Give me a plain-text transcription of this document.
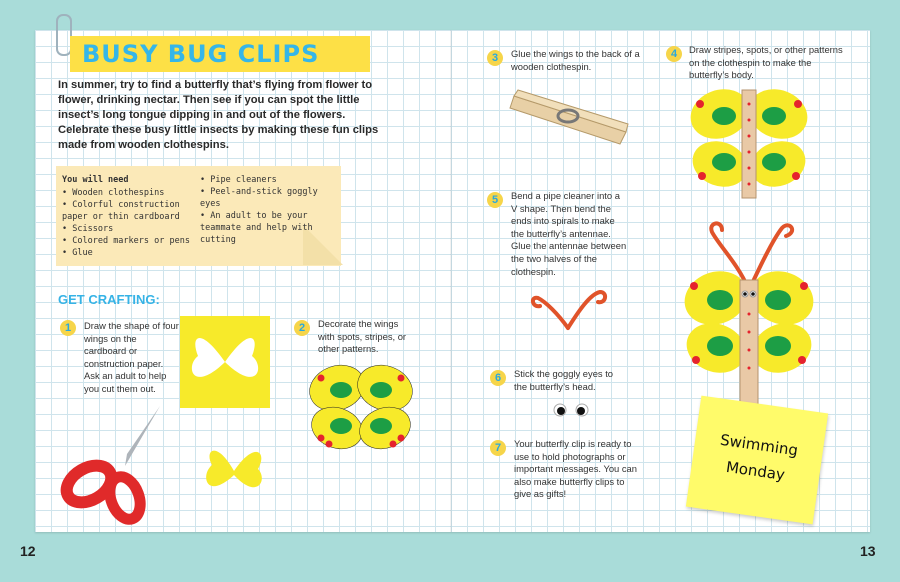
BUSY BUG CLIPS
In summer, try to find a butterfly that’s flying from flower to flower, drinking nectar. Then see if you can spot the little insect’s long tongue dipping in and out of the flowers. Celebrate these busy little insects by making these fun clips made from wooden clothespins.
You will need
• Wooden clothespins
• Colorful construction paper or thin cardboard
• Scissors
• Colored markers or pens
• Glue
• Pipe cleaners
• Peel-and-stick goggly eyes
• An adult to be your teammate and help with cutting
GET CRAFTING:
1	Draw the shape of four wings on the cardboard or construction paper. Ask an adult to help you cut them out.
2	Decorate the wings with spots, stripes, or other patterns.
3	Glue the wings to the back of a wooden clothespin.
4	Draw stripes, spots, or other patterns on the clothespin to make the butterfly’s body.
5	Bend a pipe cleaner into a V shape. Then bend the ends into spirals to make the butterfly’s antennae. Glue the antennae between the two halves of the clothespin.
6	Stick the goggly eyes to the butterfly’s head.
7	Your butterfly clip is ready to use to hold photographs or important messages. You can also make butterfly clips to give as gifts!
Swimming
Monday
12	13
